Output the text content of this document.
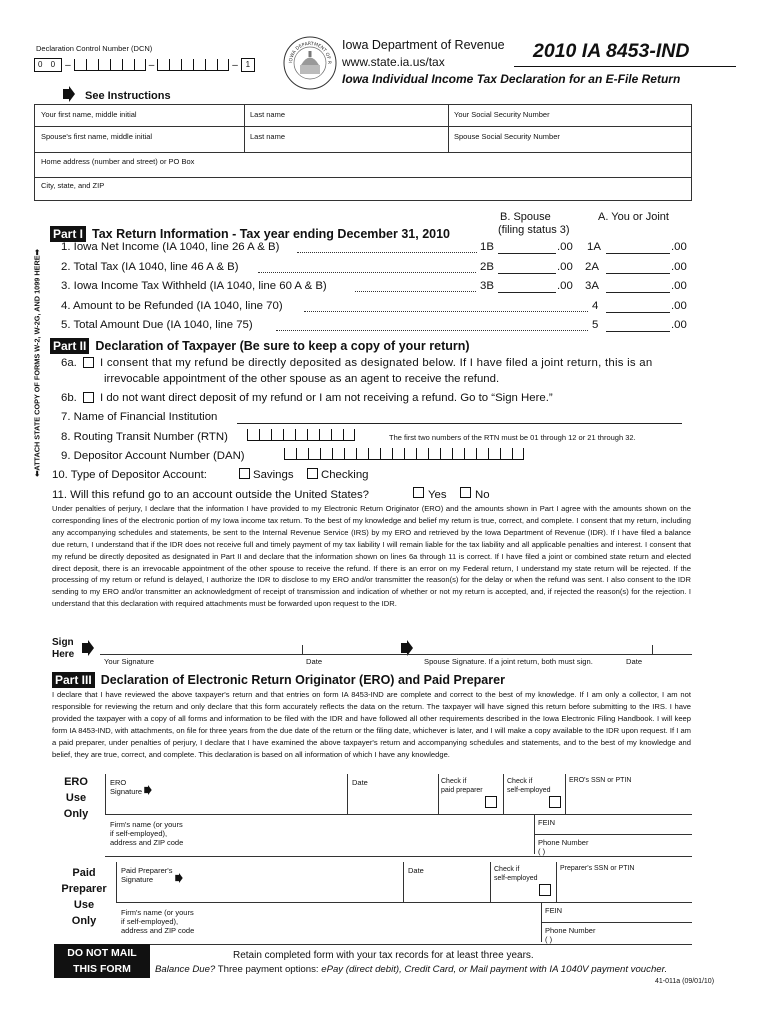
Declaration Control Number (DCN)
0 0 –	–	– 1	IOWA DEPARTMENT OF R
Iowa Department of Revenue
www.state.ia.us/tax	2010 IA 8453-IND
Iowa Individual Income Tax Declaration for an E-File Return
See Instructions
Your first name, middle initial	Last name	Your Social Security Number
Spouse's first name, middle initial	Last name	Spouse Social Security Number
Home address (number and street) or PO Box
City, state, and ZIP
⬅ATTACH STATE COPY OF FORMS W-2, W-2G, AND 1099 HERE➡
B. Spouse
(filing status 3)
A. You or Joint
Part I Tax Return Information - Tax year ending December 31, 2010
1. Iowa Net Income (IA 1040, line 26 A & B)	1B	.00 1A	.00
2. Total Tax (IA 1040, line 46 A & B)	2B	.00 2A	.00
3. Iowa Income Tax Withheld (IA 1040, line 60 A & B)	3B	.00 3A	.00
4. Amount to be Refunded (IA 1040, line 70)	4	.00
5. Total Amount Due (IA 1040, line 75)	5	.00
Part II Declaration of Taxpayer (Be sure to keep a copy of your return)
6a. I consent that my refund be directly deposited as designated below. If I have filed a joint return, this is an
irrevocable appointment of the other spouse as an agent to receive the refund.
6b. I do not want direct deposit of my refund or I am not receiving a refund. Go to “Sign Here.”
7. Name of Financial Institution
8. Routing Transit Number (RTN)	The first two numbers of the RTN must be 01 through 12 or 21 through 32.
9. Depositor Account Number (DAN)
10. Type of Depositor Account:	Savings Checking
11. Will this refund go to an account outside the United States?	Yes No
Under penalties of perjury, I declare that the information I have provided to my Electronic Return Originator (ERO) and the amounts shown in Part I agree with the amounts shown on the corresponding lines of the electronic portion of my Iowa income tax return. To the best of my knowledge and belief my return is true, correct, and complete. I consent that my return, including any accompanying schedules and statements, be sent to the Internal Revenue Service (IRS) by my ERO and retrieved by the Iowa Department of Revenue (IDR). If I have filed a balance due return, I understand that if the IDR does not receive full and timely payment of my tax liability I will remain liable for the tax liability and all applicable penalties and interest. I consent that my refund be directly deposited as designated in Part II and declare that the information shown on lines 6a through 11 is correct. If I have filed a joint or combined state return and elected direct deposit, there is an irrevocable appointment of the other spouse to receive the refund. If there is an error on my Federal return, I understand my state return will be rejected. If the processing of my return or refund is delayed, I authorize the IDR to disclose to my ERO and/or transmitter the reason(s) for the delay or when the refund was sent. I also consent to the IDR sending to my ERO and/or transmitter an acknowledgment of receipt of transmission and indication of whether or not my return is accepted, and, if rejected the reason(s) for the rejection. I understand that this declaration with required attachments must be forwarded upon request to the IDR.
Sign
Here
Your Signature	Date	Spouse Signature. If a joint return, both must sign.	Date
Part III Declaration of Electronic Return Originator (ERO) and Paid Preparer
I declare that I have reviewed the above taxpayer's return and that entries on form IA 8453-IND are complete and correct to the best of my knowledge. If I am only a collector, I am not responsible for reviewing the return and only declare that this form accurately reflects the data on the return. The taxpayer will have signed this return before submitting to the IRS. I have provided the taxpayer with a copy of all forms and information to be filed with the IDR and have followed all other requirements described in the Iowa Electronic Filing Handbook. I will keep form IA 8453-IND, with attachments, on file for three years from the due date of the return or the filing date, whichever is later, and I will make a copy available to the IDR upon request. If I am a paid preparer, under penalties of perjury, I declare that I have examined the above taxpayer's return and accompanying schedules and statements, and to the best of my knowledge and belief, they are true, correct, and complete. This declaration is based on all information of which I have any knowledge.
ERO
Use
Only
ERO
Signature
Date	Check if
paid preparer
Check if
self-employed
ERO's SSN or PTIN
Firm's name (or yours
if self-employed),
address and ZIP code
FEIN
Phone Number
( )
Paid
Preparer
Use
Only
Paid Preparer's
Signature
Date	Check if
self-employed
Preparer's SSN or PTIN
Firm's name (or yours
if self-employed),
address and ZIP code
FEIN
Phone Number
( )
DO NOT MAIL
THIS FORM
Retain completed form with your tax records for at least three years.
Balance Due? Three payment options: ePay (direct debit), Credit Card, or Mail payment with IA 1040V payment voucher.
41-011a (09/01/10)
